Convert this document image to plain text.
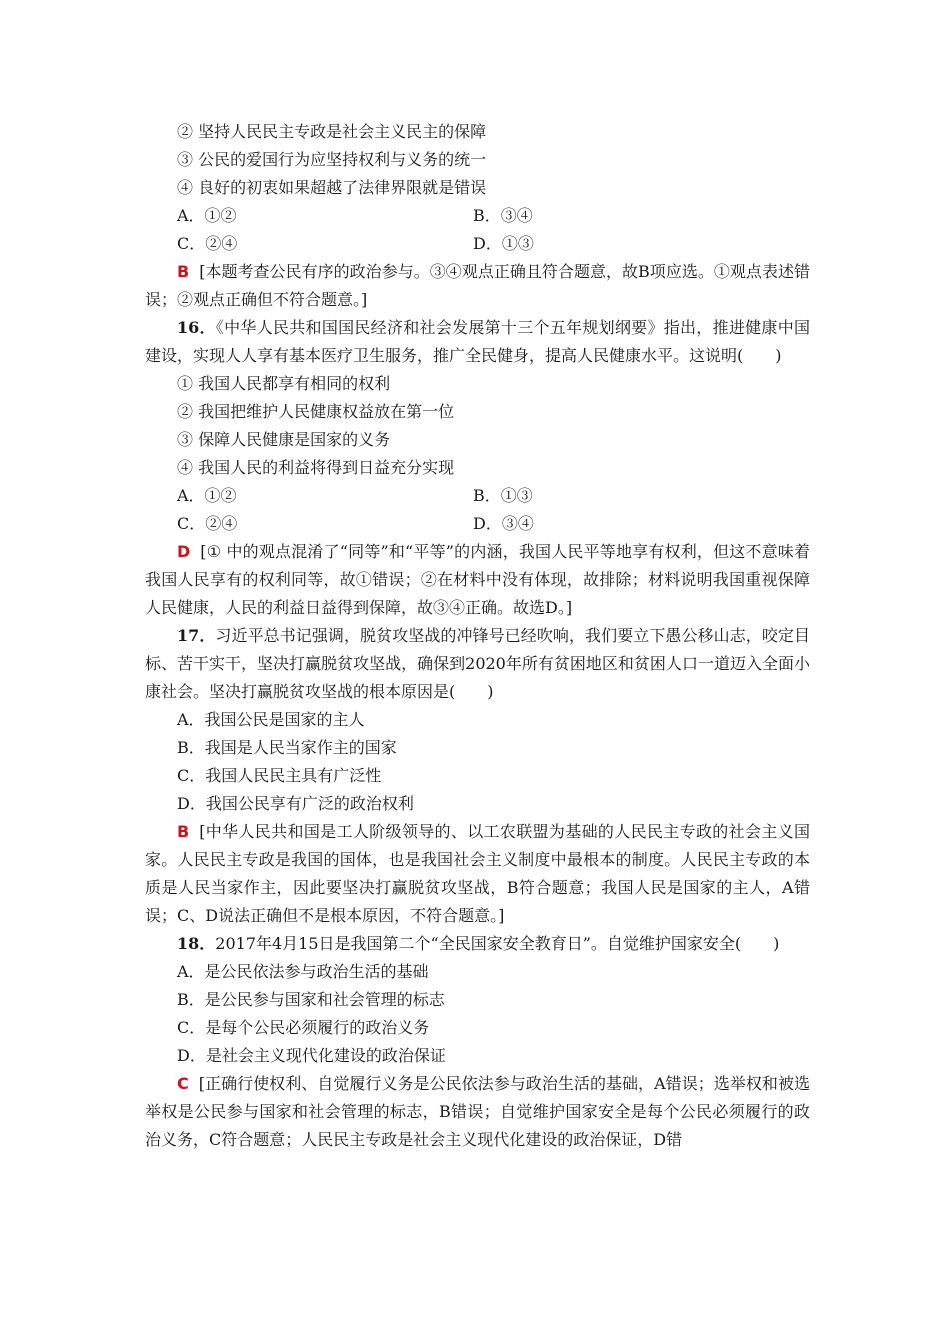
② 坚持人民民主专政是社会主义民主的保障
③ 公民的爱国行为应坚持权利与义务的统一
④ 良好的初衷如果超越了法律界限就是错误
A．①②	B．③④
C．②④	D．①③
B [本题考查公民有序的政治参与。③④观点正确且符合题意，故B项应选。①观点表述错误；②观点正确但不符合题意。]
16．《中华人民共和国国民经济和社会发展第十三个五年规划纲要》指出，推进健康中国建设，实现人人享有基本医疗卫生服务，推广全民健身，提高人民健康水平。这说明(　　)
① 我国人民都享有相同的权利
② 我国把维护人民健康权益放在第一位
③ 保障人民健康是国家的义务
④ 我国人民的利益将得到日益充分实现
A．①②	B．①③
C．②④	D．③④
D [① 中的观点混淆了“同等”和“平等”的内涵，我国人民平等地享有权利，但这不意味着我国人民享有的权利同等，故①错误；②在材料中没有体现，故排除；材料说明我国重视保障人民健康，人民的利益日益得到保障，故③④正确。故选D。]
17．习近平总书记强调，脱贫攻坚战的冲锋号已经吹响，我们要立下愚公移山志，咬定目标、苦干实干，坚决打赢脱贫攻坚战，确保到2020年所有贫困地区和贫困人口一道迈入全面小康社会。坚决打赢脱贫攻坚战的根本原因是(　　)
A．我国公民是国家的主人
B．我国是人民当家作主的国家
C．我国人民民主具有广泛性
D．我国公民享有广泛的政治权利
B [中华人民共和国是工人阶级领导的、以工农联盟为基础的人民民主专政的社会主义国家。人民民主专政是我国的国体，也是我国社会主义制度中最根本的制度。人民民主专政的本质是人民当家作主，因此要坚决打赢脱贫攻坚战，B符合题意；我国人民是国家的主人，A错误；C、D说法正确但不是根本原因，不符合题意。]
18．2017年4月15日是我国第二个“全民国家安全教育日”。自觉维护国家安全(　　)
A．是公民依法参与政治生活的基础
B．是公民参与国家和社会管理的标志
C．是每个公民必须履行的政治义务
D．是社会主义现代化建设的政治保证
C [正确行使权利、自觉履行义务是公民依法参与政治生活的基础，A错误；选举权和被选举权是公民参与国家和社会管理的标志，B错误；自觉维护国家安全是每个公民必须履行的政治义务，C符合题意；人民民主专政是社会主义现代化建设的政治保证，D错
